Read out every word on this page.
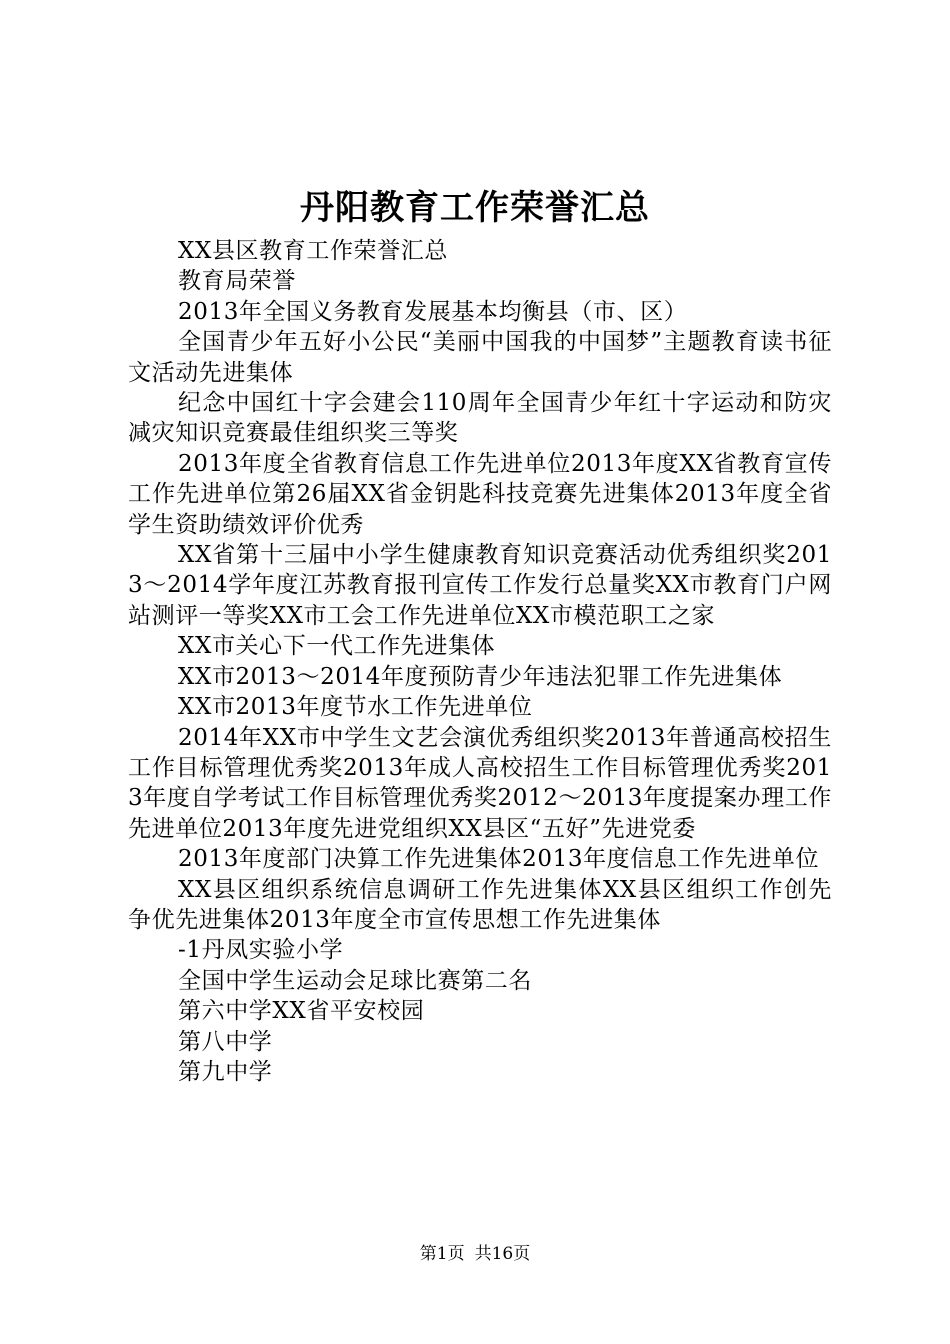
丹阳教育工作荣誉汇总

XX县区教育工作荣誉汇总

教育局荣誉

2013年全国义务教育发展基本均衡县（市、区）

全国青少年五好小公民“美丽中国我的中国梦”主题教育读书征文活动先进集体

纪念中国红十字会建会110周年全国青少年红十字运动和防灾减灾知识竞赛最佳组织奖三等奖

2013年度全省教育信息工作先进单位2013年度XX省教育宣传工作先进单位第26届XX省金钥匙科技竞赛先进集体2013年度全省学生资助绩效评价优秀

XX省第十三届中小学生健康教育知识竞赛活动优秀组织奖2013～2014学年度江苏教育报刊宣传工作发行总量奖XX市教育门户网站测评一等奖XX市工会工作先进单位XX市模范职工之家

XX市关心下一代工作先进集体

XX市2013～2014年度预防青少年违法犯罪工作先进集体

XX市2013年度节水工作先进单位

2014年XX市中学生文艺会演优秀组织奖2013年普通高校招生工作目标管理优秀奖2013年成人高校招生工作目标管理优秀奖2013年度自学考试工作目标管理优秀奖2012～2013年度提案办理工作先进单位2013年度先进党组织XX县区“五好”先进党委

2013年度部门决算工作先进集体2013年度信息工作先进单位

XX县区组织系统信息调研工作先进集体XX县区组织工作创先争优先进集体2013年度全市宣传思想工作先进集体

-1丹凤实验小学

全国中学生运动会足球比赛第二名

第六中学XX省平安校园

第八中学

第九中学

第1页 共16页
